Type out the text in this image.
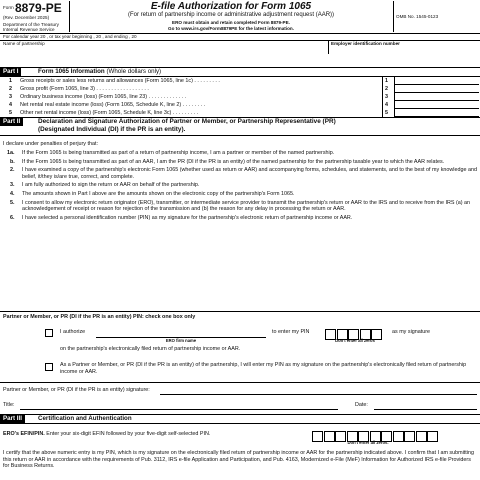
Form 8879-PE
(Rev. December 2025)
Department of the Treasury
Internal Revenue Service
E-file Authorization for Form 1065
(For return of partnership income or administrative adjustment request (AAR))
ERO must obtain and retain completed Form 8879-PE.
Go to www.irs.gov/Form8879PE for the latest information.
OMB No. 1545-0123
For calendar year 20 , or tax year beginning , 20 , and ending , 20
Name of partnership	Employer identification number
Part I	Form 1065 Information (Whole dollars only)
1 Gross receipts or sales less returns and allowances (Form 1065, line 1c) . . . . . . . . .	1
2 Gross profit (Form 1065, line 3) . . . . . . . . . . . . . . . . . .	2
3 Ordinary business income (loss) (Form 1065, line 23) . . . . . . . . . . . . .	3
4 Net rental real estate income (loss) (Form 1065, Schedule K, line 2) . . . . . . . .	4
5 Other net rental income (loss) (Form 1065, Schedule K, line 3c) . . . . . . . . .	5
Part II	Declaration and Signature Authorization of Partner or Member, or Partnership Representative (PR)
(Designated Individual (DI) if the PR is an entity).
I declare under penalties of perjury that:
1a. If the Form 1065 is being transmitted as part of a return of partnership income, I am a partner or member of the named partnership.
b. If the Form 1065 is being transmitted as part of an AAR, I am the PR (DI if the PR is an entity) of the named partnership for the partnership taxable year to which the AAR relates.
2. I have examined a copy of the partnership's electronic Form 1065 (whether used as return or AAR) and accompanying forms, schedules, and statements, and to the best of my knowledge and belief, it/they is/are true, correct, and complete.
3. I am fully authorized to sign the return or AAR on behalf of the partnership.
4. The amounts shown in Part I above are the amounts shown on the electronic copy of the partnership's Form 1065.
5. I consent to allow my electronic return originator (ERO), transmitter, or intermediate service provider to transmit the partnership's return or AAR to the IRS and to receive from the IRS (a) an acknowledgement of receipt or reason for rejection of the transmission and (b) the reason for any delay in processing the return or AAR.
6. I have selected a personal identification number (PIN) as my signature for the partnership's electronic return of partnership income or AAR.
Partner or Member, or PR (DI if the PR is an entity) PIN: check one box only
I authorize
ERO firm name
to enter my PIN	as my signature
Don't enter all zeros
on the partnership's electronically filed return of partnership income or AAR.
As a Partner or Member, or PR (DI if the PR is an entity) of the partnership, I will enter my PIN as my signature on the partnership's electronically filed return of partnership income or AAR.
Partner or Member, or PR (DI if the PR is an entity) signature:
Title:	Date:
Part III	Certification and Authentication
ERO's EFIN/PIN. Enter your six-digit EFIN followed by your five-digit self-selected PIN.
Don't enter all zeros.
I certify that the above numeric entry is my PIN, which is my signature on the electronically filed return of partnership income or AAR for the partnership indicated above. I confirm that I am submitting this return or AAR in accordance with the requirements of Pub. 3112, IRS e-file Application and Participation, and Pub. 4163, Modernized e-File (MeF) Information for Authorized IRS e-file Providers for Business Returns.
